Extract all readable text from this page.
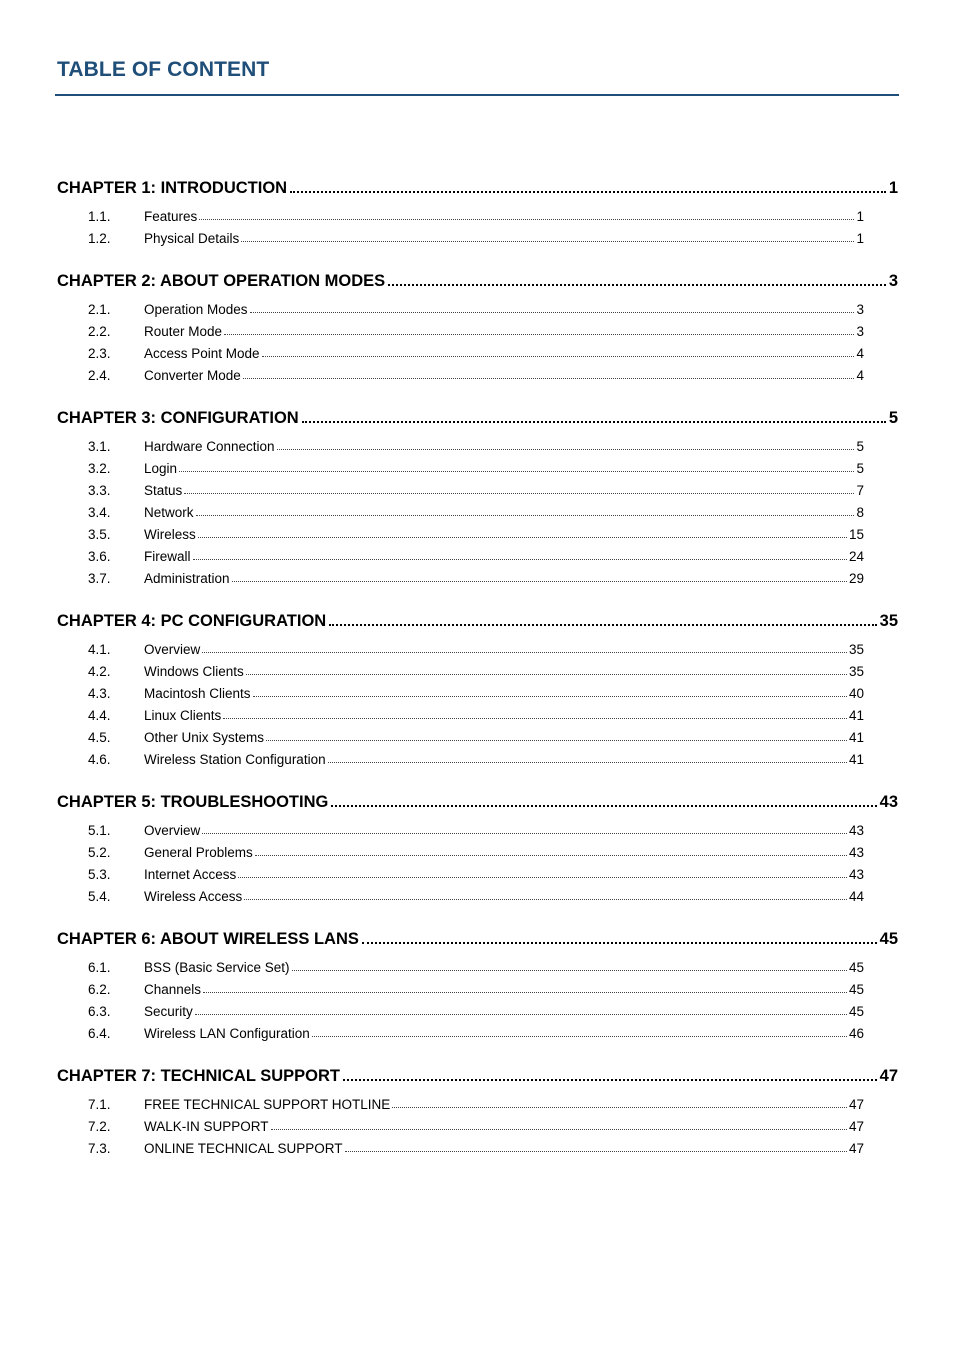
TABLE OF CONTENT
CHAPTER 1: INTRODUCTION	1
1.1.	Features	1
1.2.	Physical Details	1
CHAPTER 2: ABOUT OPERATION MODES	3
2.1.	Operation Modes	3
2.2.	Router Mode	3
2.3.	Access Point Mode	4
2.4.	Converter Mode	4
CHAPTER 3: CONFIGURATION	5
3.1.	Hardware Connection	5
3.2.	Login	5
3.3.	Status	7
3.4.	Network	8
3.5.	Wireless	15
3.6.	Firewall	24
3.7.	Administration	29
CHAPTER 4: PC CONFIGURATION	35
4.1.	Overview	35
4.2.	Windows Clients	35
4.3.	Macintosh Clients	40
4.4.	Linux Clients	41
4.5.	Other Unix Systems	41
4.6.	Wireless Station Configuration	41
CHAPTER 5: TROUBLESHOOTING	43
5.1.	Overview	43
5.2.	General Problems	43
5.3.	Internet Access	43
5.4.	Wireless Access	44
CHAPTER 6: ABOUT WIRELESS LANS	45
6.1.	BSS (Basic Service Set)	45
6.2.	Channels	45
6.3.	Security	45
6.4.	Wireless LAN Configuration	46
CHAPTER 7: TECHNICAL SUPPORT	47
7.1.	FREE TECHNICAL SUPPORT HOTLINE	47
7.2.	WALK-IN SUPPORT	47
7.3.	ONLINE TECHNICAL SUPPORT	47
